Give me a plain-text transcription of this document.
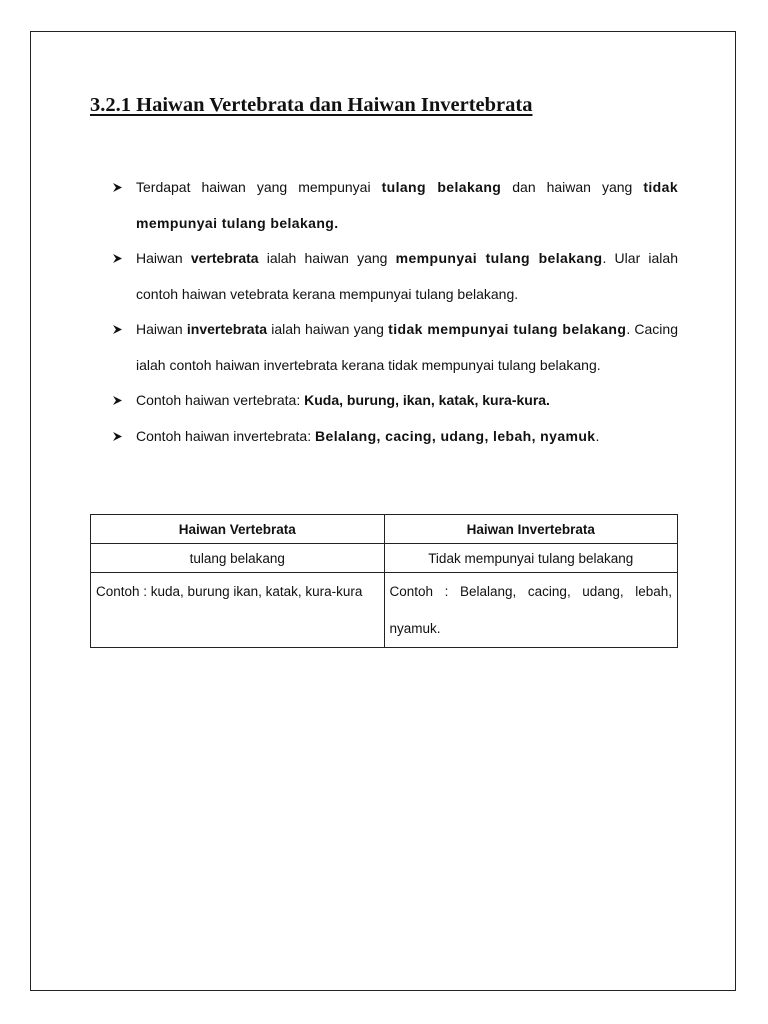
3.2.1 Haiwan Vertebrata dan Haiwan Invertebrata
Terdapat haiwan yang mempunyai tulang belakang dan haiwan yang tidak mempunyai tulang belakang.
Haiwan vertebrata ialah haiwan yang mempunyai tulang belakang. Ular ialah contoh haiwan vetebrata kerana mempunyai tulang belakang.
Haiwan invertebrata ialah haiwan yang tidak mempunyai tulang belakang. Cacing ialah contoh haiwan invertebrata kerana tidak mempunyai tulang belakang.
Contoh haiwan vertebrata: Kuda, burung, ikan, katak, kura-kura.
Contoh haiwan invertebrata: Belalang, cacing, udang, lebah, nyamuk.
Haiwan Vertebrata	Haiwan Invertebrata
tulang belakang	Tidak mempunyai tulang belakang
Contoh : kuda, burung ikan, katak, kura-kura	Contoh : Belalang, cacing, udang, lebah, nyamuk.
